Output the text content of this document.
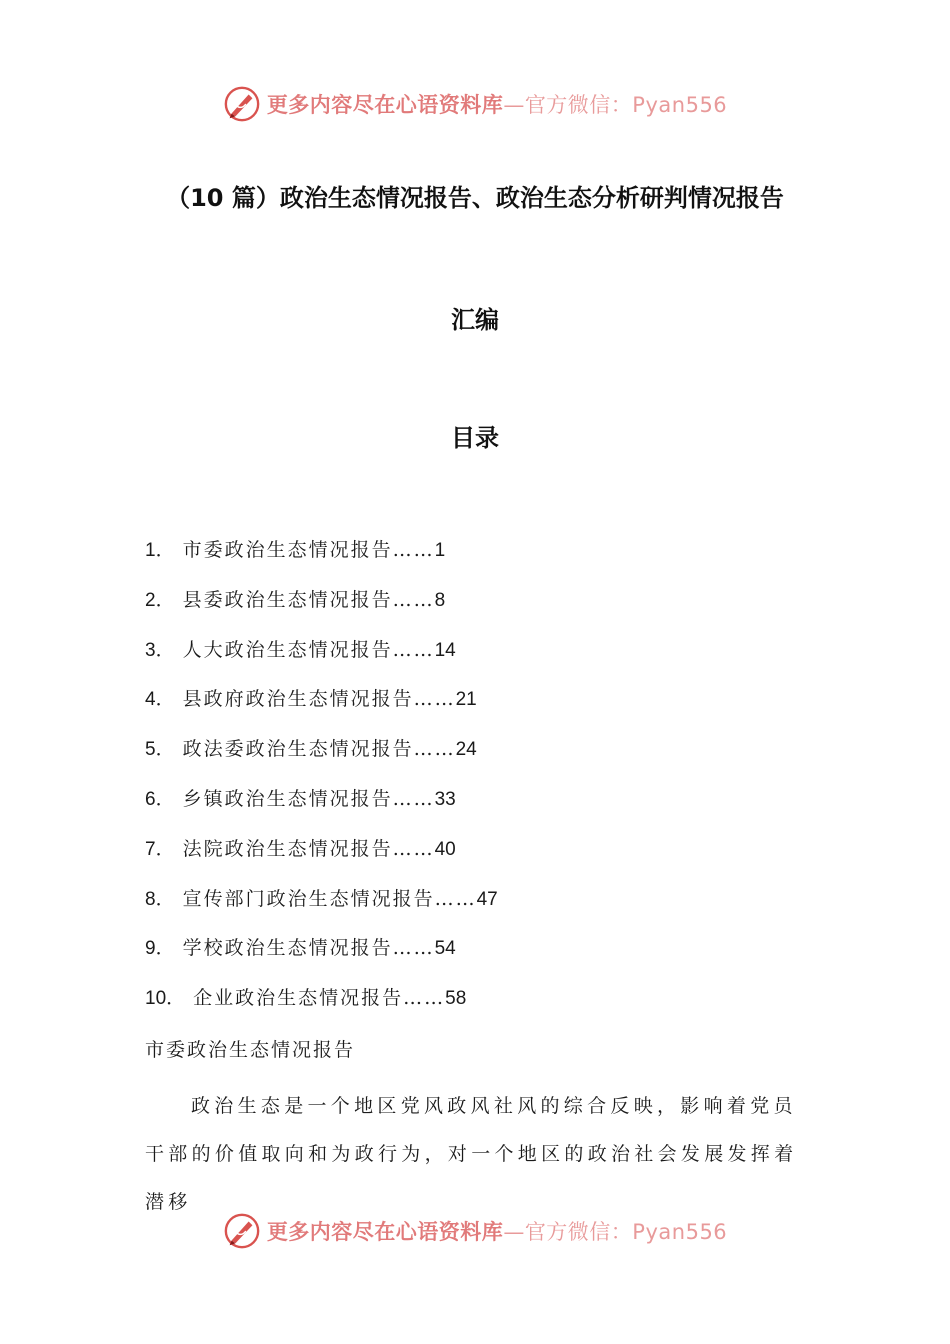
更多内容尽在心语资料库 —官方微信：Pyan556
（10 篇）政治生态情况报告、政治生态分析研判情况报告
汇编
目录
1． 市委政治生态情况报告……1
2． 县委政治生态情况报告……8
3． 人大政治生态情况报告……14
4． 县政府政治生态情况报告……21
5． 政法委政治生态情况报告……24
6． 乡镇政治生态情况报告……33
7． 法院政治生态情况报告……40
8． 宣传部门政治生态情况报告……47
9． 学校政治生态情况报告……54
10． 企业政治生态情况报告……58
市委政治生态情况报告

政治生态是一个地区党风政风社风的综合反映，影响着党员干部的价值取向和为政行为，对一个地区的政治社会发展发挥着潜移

更多内容尽在心语资料库 —官方微信：Pyan556
